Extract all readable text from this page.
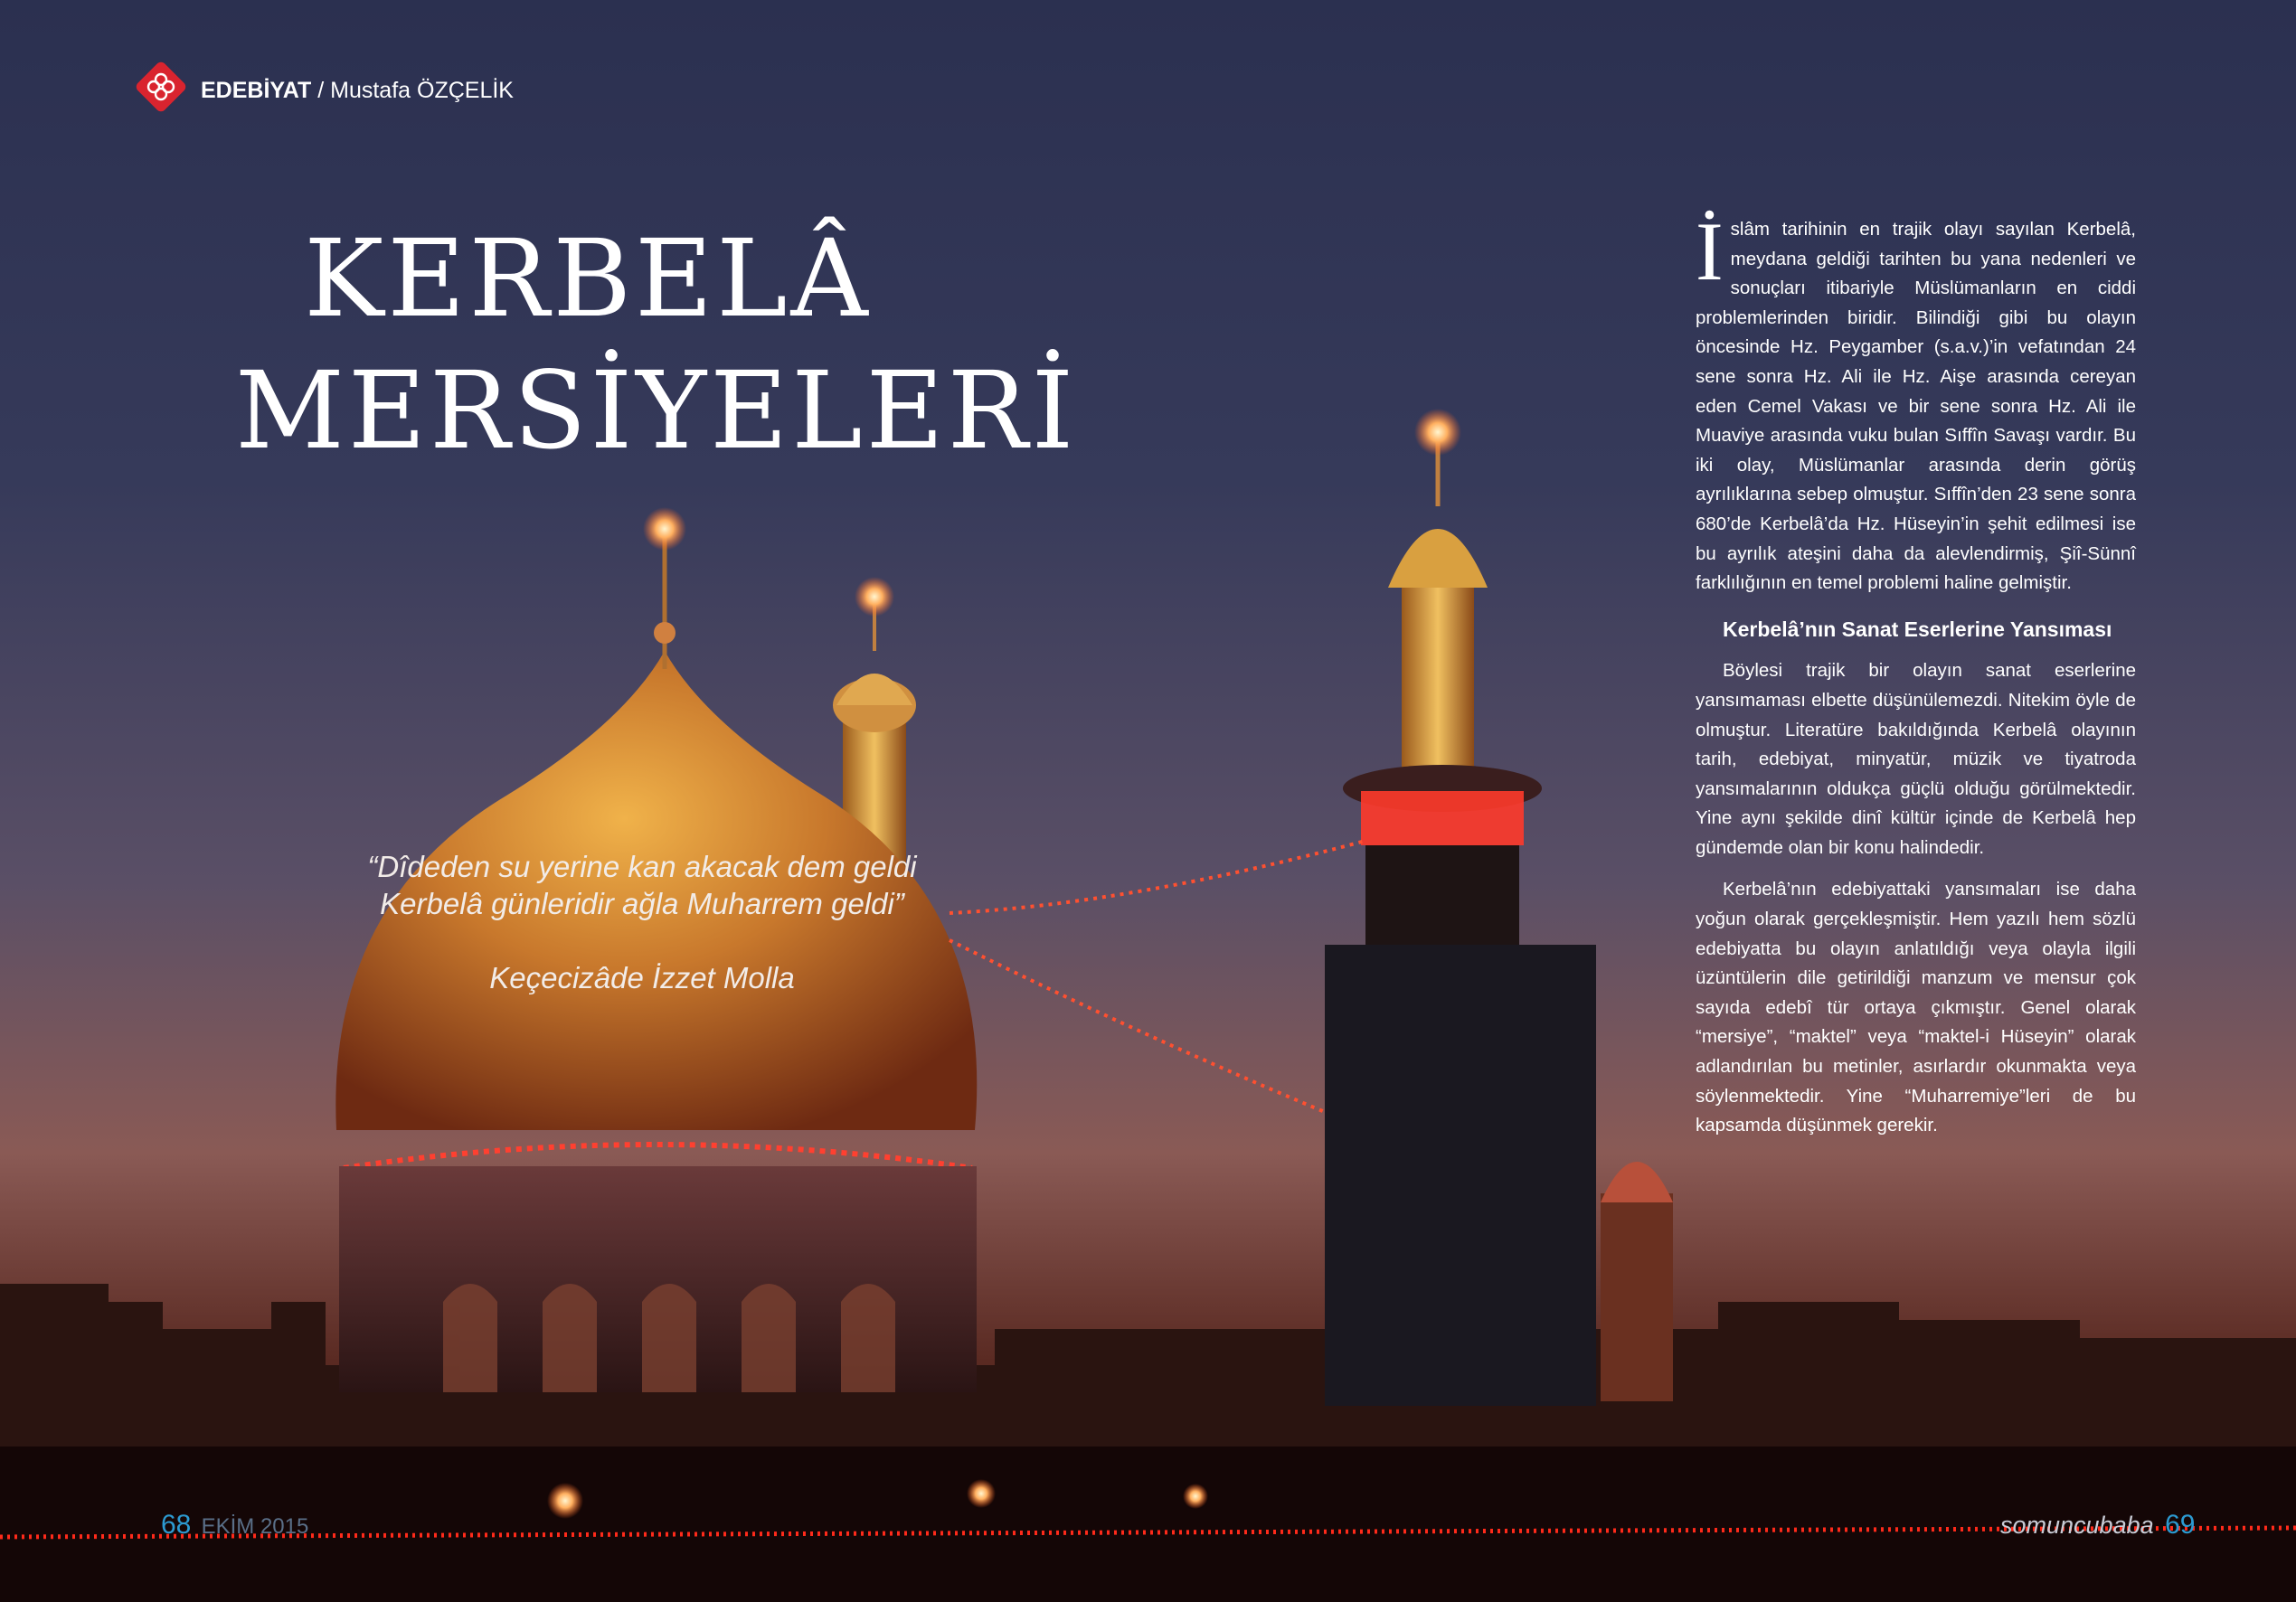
EDEBİYAT / Mustafa ÖZÇELİK
KERBELÂ
MERSİYELERİ
“Dîdeden su yerine kan akacak dem geldi
Kerbelâ günleridir ağla Muharrem geldi”
Keçecizâde İzzet Molla

İslâm tarihinin en trajik olayı sayılan Kerbelâ, meydana geldiği tarihten bu yana nedenleri ve sonuçları itibariyle Müslümanların en ciddi problemlerinden biridir. Bilindiği gibi bu olayın öncesinde Hz. Peygamber (s.a.v.)’in vefatından 24 sene sonra Hz. Ali ile Hz. Aişe arasında cereyan eden Cemel Vakası ve bir sene sonra Hz. Ali ile Muaviye arasında vuku bulan Sıffîn Savaşı vardır. Bu iki olay, Müslümanlar arasında derin görüş ayrılıklarına sebep olmuştur. Sıffîn’den 23 sene sonra 680’de Kerbelâ’da Hz. Hüseyin’in şehit edilmesi ise bu ayrılık ateşini daha da alevlendirmiş, Şiî-Sünnî farklılığının en temel problemi haline gelmiştir.

Kerbelâ’nın Sanat Eserlerine Yansıması

Böylesi trajik bir olayın sanat eserlerine yansımaması elbette düşünülemezdi. Nitekim öyle de olmuştur. Literatüre bakıldığında Kerbelâ olayının tarih, edebiyat, minyatür, müzik ve tiyatroda yansımalarının oldukça güçlü olduğu görülmektedir. Yine aynı şekilde dinî kültür içinde de Kerbelâ hep gündemde olan bir konu halindedir.

Kerbelâ’nın edebiyattaki yansımaları ise daha yoğun olarak gerçekleşmiştir. Hem yazılı hem sözlü edebiyatta bu olayın anlatıldığı veya olayla ilgili üzüntülerin dile getirildiği manzum ve mensur çok sayıda edebî tür ortaya çıkmıştır. Genel olarak “mersiye”, “maktel” veya “maktel-i Hüseyin” olarak adlandırılan bu metinler, asırlardır okunmakta veya söylenmektedir. Yine “Muharremiye”leri de bu kapsamda düşünmek gerekir.

68 EKİM 2015	somuncubaba 69
